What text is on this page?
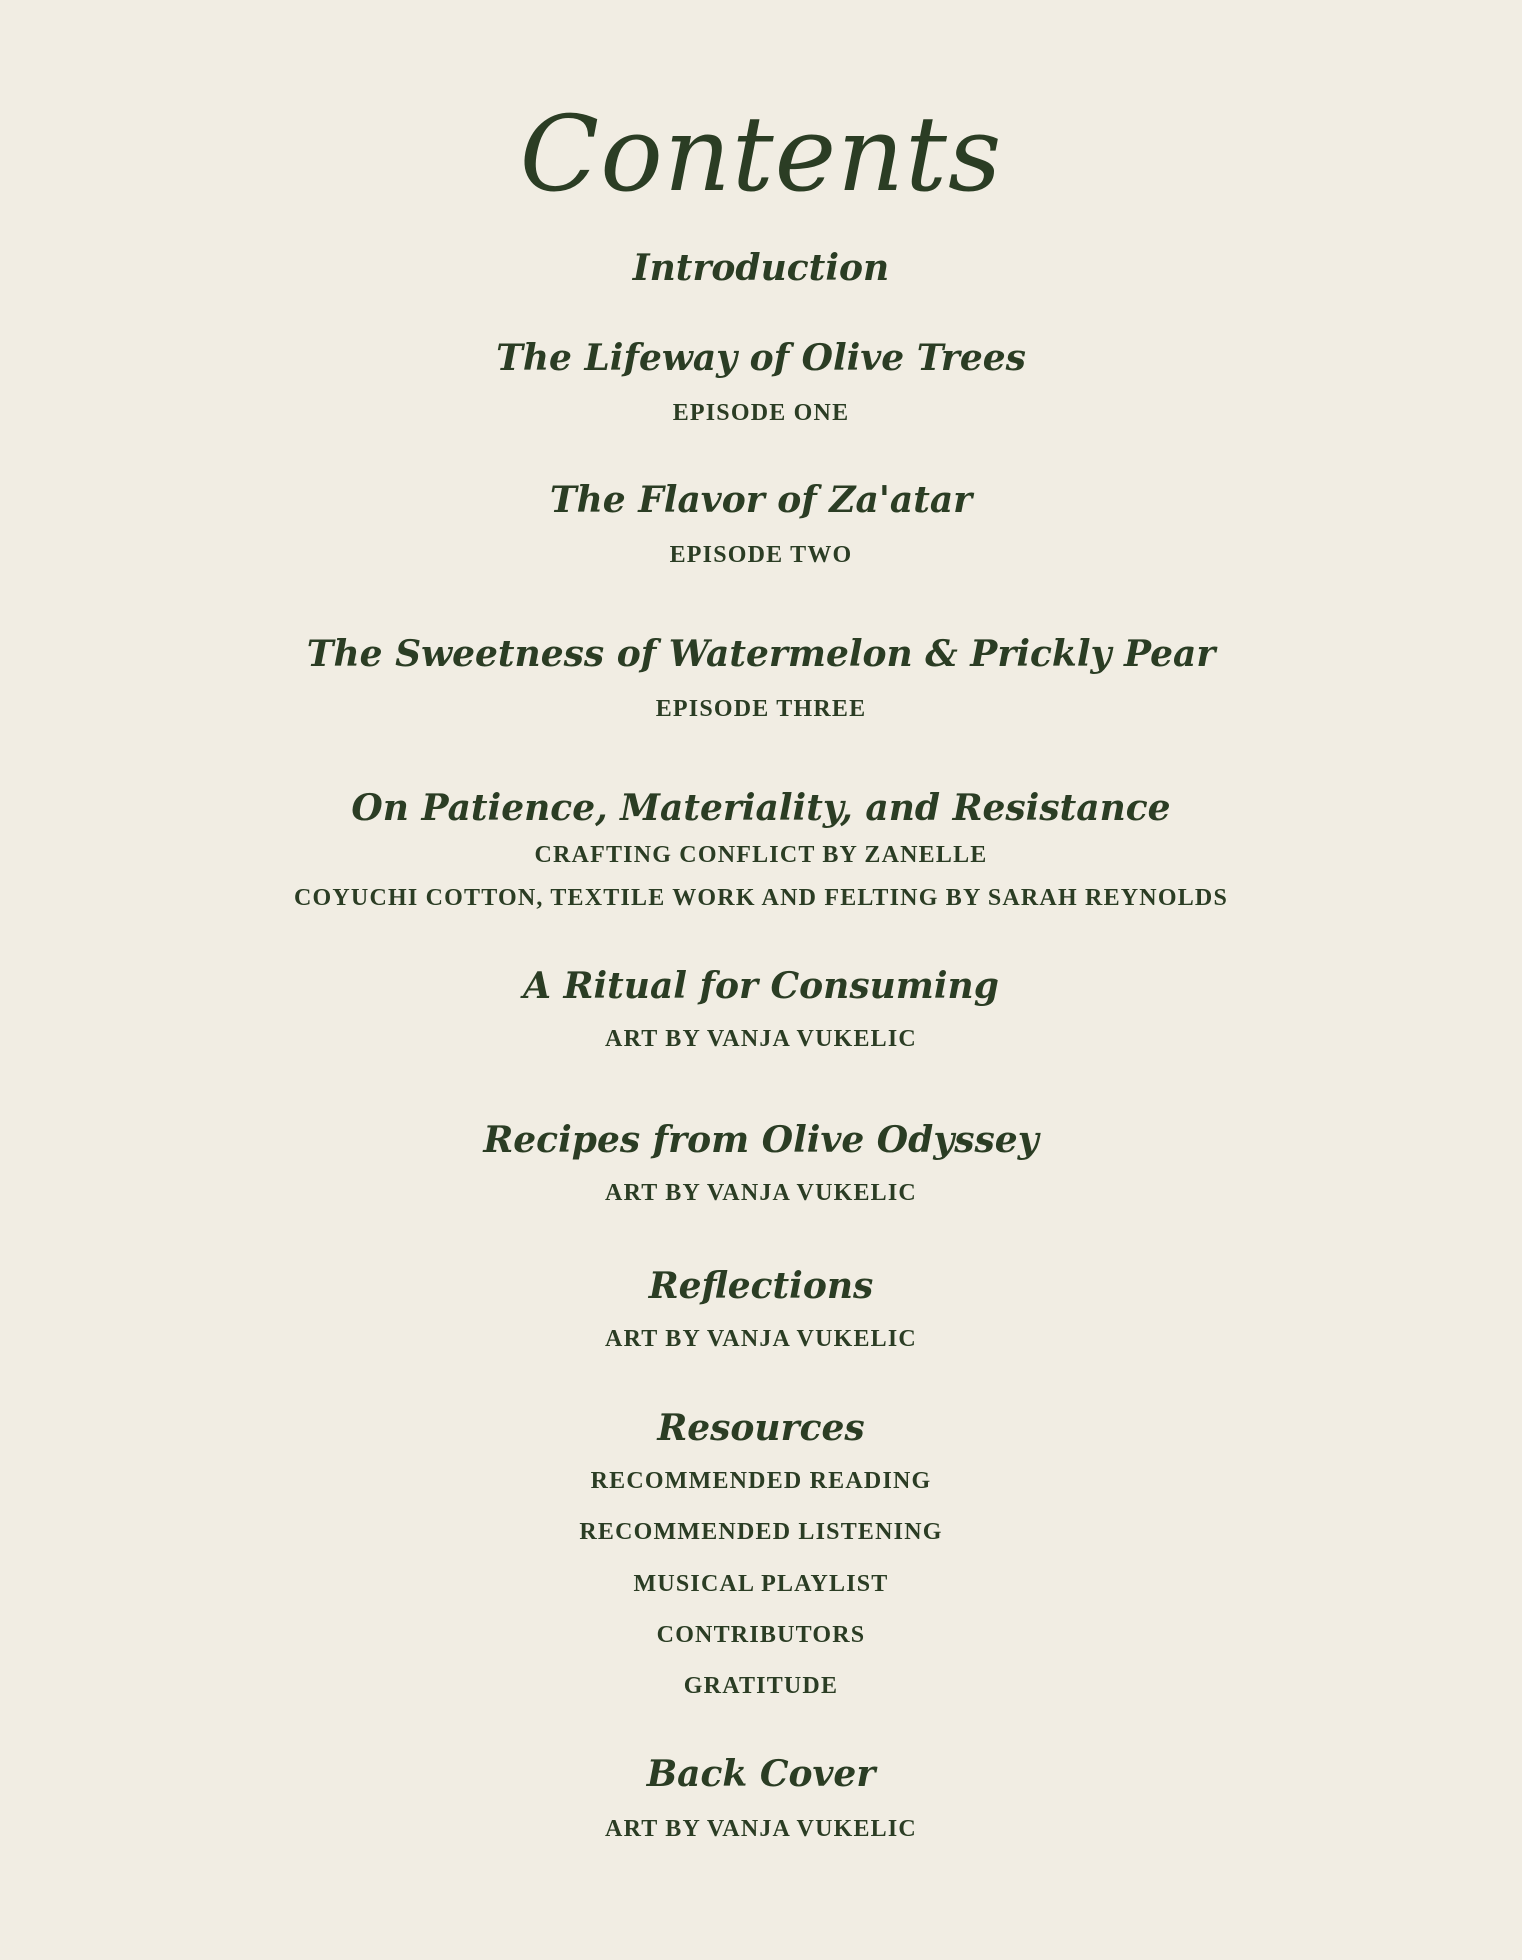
Contents
Introduction
The Lifeway of Olive Trees
EPISODE ONE
The Flavor of Za'atar
EPISODE TWO
The Sweetness of Watermelon & Prickly Pear
EPISODE THREE
On Patience, Materiality, and Resistance
CRAFTING CONFLICT BY ZANELLE
COYUCHI COTTON, TEXTILE WORK AND FELTING BY SARAH REYNOLDS
A Ritual for Consuming
ART BY VANJA VUKELIC
Recipes from Olive Odyssey
ART BY VANJA VUKELIC
Reflections
ART BY VANJA VUKELIC
Resources
RECOMMENDED READING
RECOMMENDED LISTENING
MUSICAL PLAYLIST
CONTRIBUTORS
GRATITUDE
Back Cover
ART BY VANJA VUKELIC
